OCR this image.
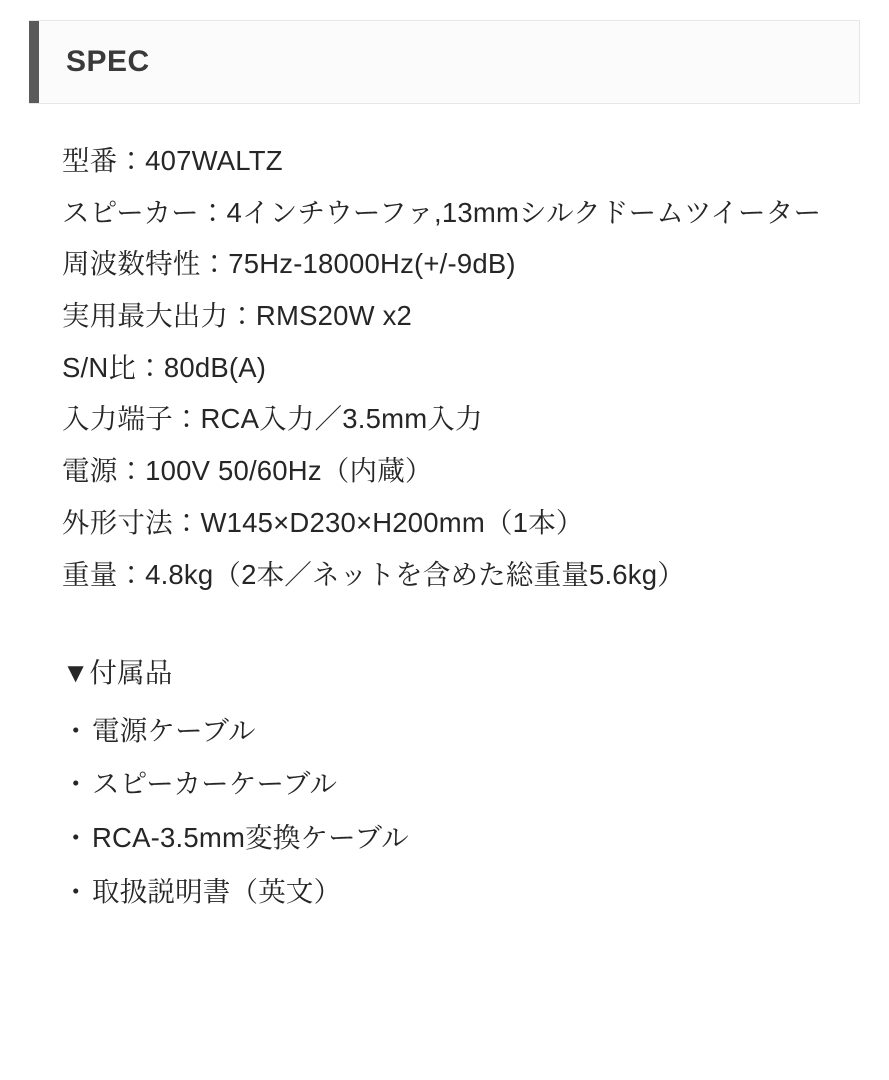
SPEC

型番：407WALTZ

スピーカー：4インチウーファ,13mmシルクドームツイーター

周波数特性：75Hz-18000Hz(+/-9dB)

実用最大出力：RMS20W x2

S/N比：80dB(A)

入力端子：RCA入力／3.5mm入力

電源：100V 50/60Hz（内蔵）

外形寸法：W145×D230×H200mm（1本）

重量：4.8kg（2本／ネットを含めた総重量5.6kg）

▼付属品

・ 電源ケーブル
・ スピーカーケーブル
・ RCA-3.5mm変換ケーブル
・ 取扱説明書（英文）
